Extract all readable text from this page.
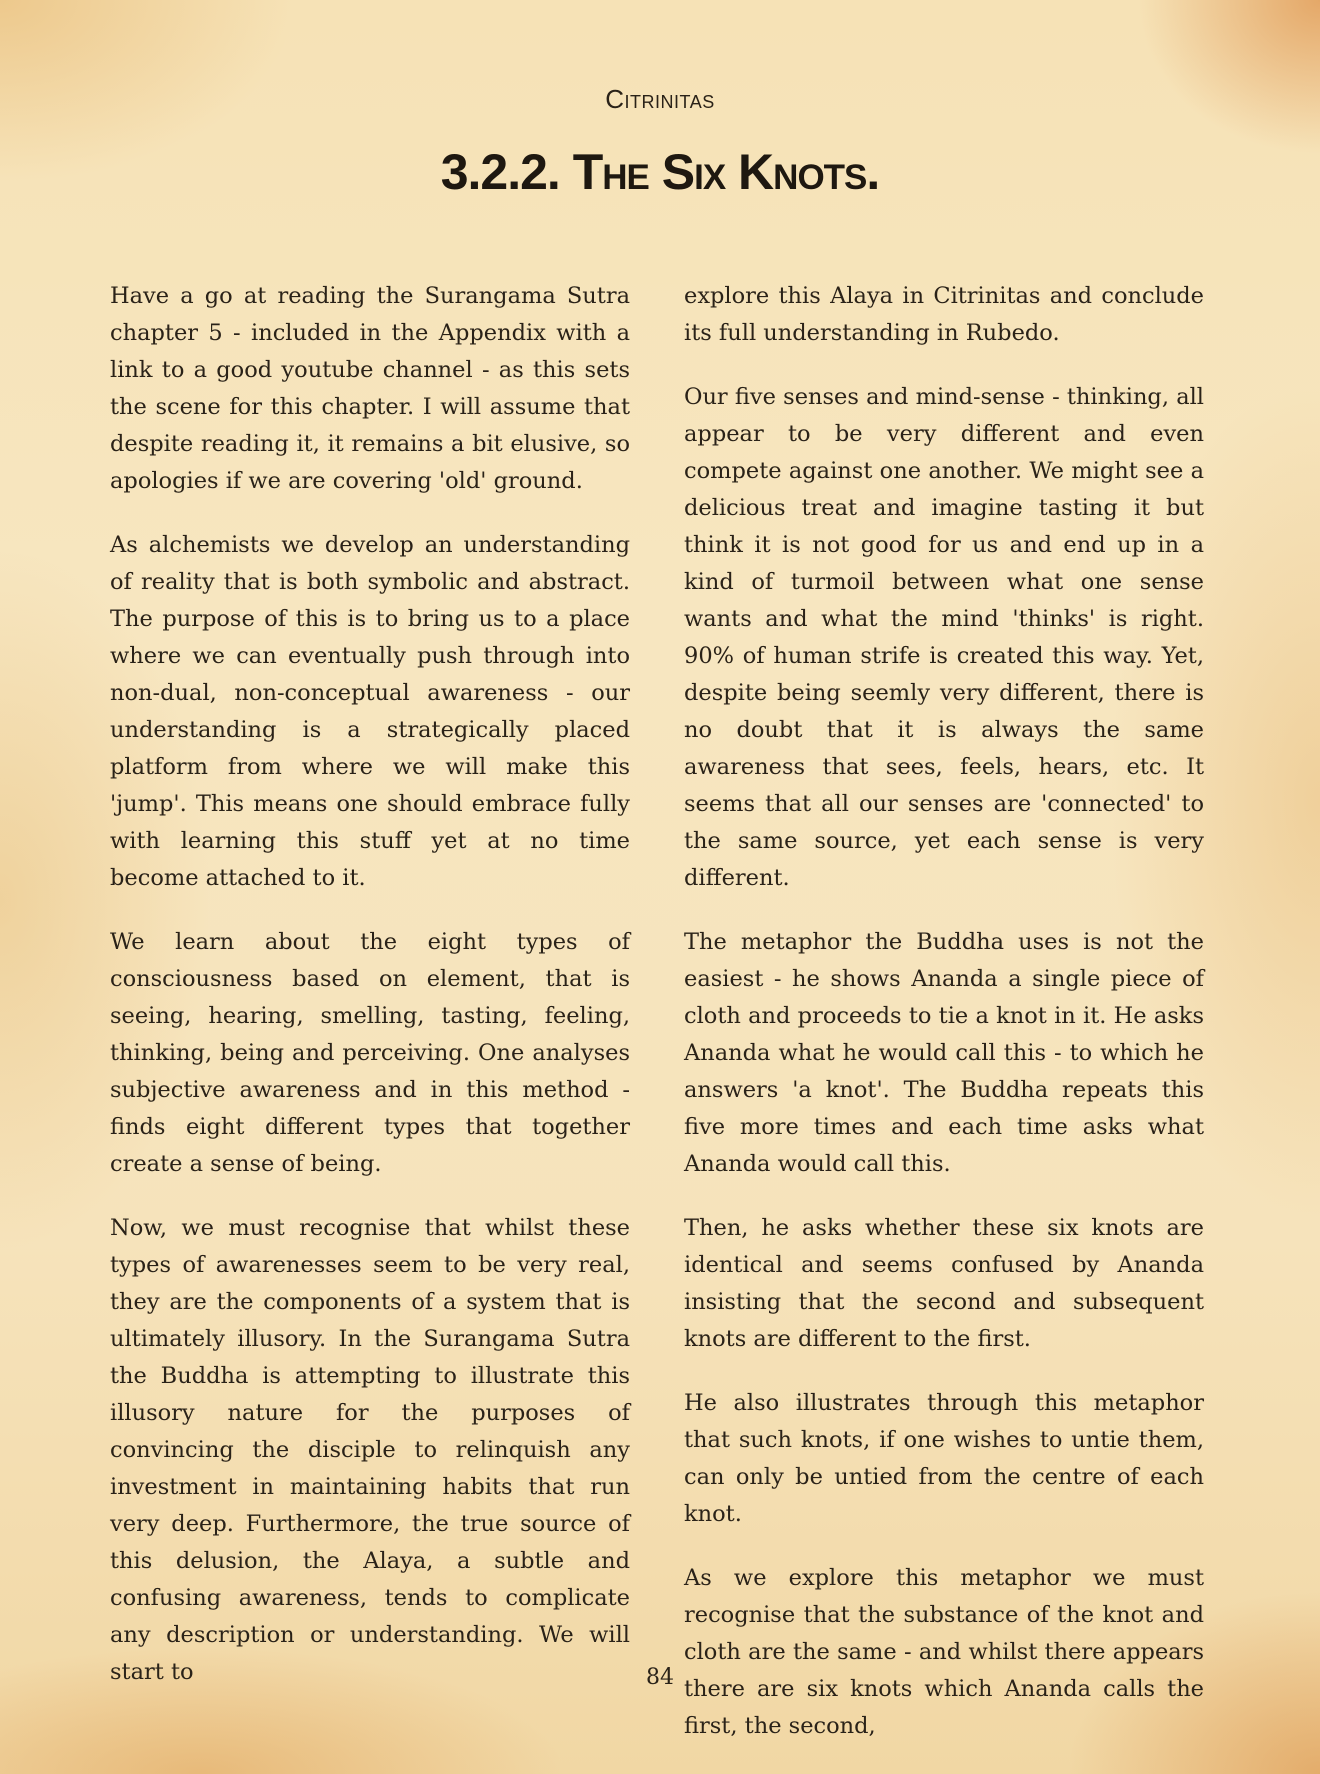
Citrinitas
3.2.2. The Six Knots.

Have a go at reading the Surangama Sutra chapter 5 - included in the Appendix with a link to a good youtube channel - as this sets the scene for this chapter. I will assume that despite reading it, it remains a bit elusive, so apologies if we are covering 'old' ground.

As alchemists we develop an understanding of reality that is both symbolic and abstract. The purpose of this is to bring us to a place where we can eventually push through into non-dual, non-conceptual awareness - our understanding is a strategically placed platform from where we will make this 'jump'. This means one should embrace fully with learning this stuff yet at no time become attached to it.

We learn about the eight types of consciousness based on element, that is seeing, hearing, smelling, tasting, feeling, thinking, being and perceiving. One analyses subjective awareness and in this method - finds eight different types that together create a sense of being.

Now, we must recognise that whilst these types of awarenesses seem to be very real, they are the components of a system that is ultimately illusory. In the Surangama Sutra the Buddha is attempting to illustrate this illusory nature for the purposes of convincing the disciple to relinquish any investment in maintaining habits that run very deep. Furthermore, the true source of this delusion, the Alaya, a subtle and confusing awareness, tends to complicate any description or understanding. We will start to

explore this Alaya in Citrinitas and conclude its full understanding in Rubedo.

Our five senses and mind-sense - thinking, all appear to be very different and even compete against one another. We might see a delicious treat and imagine tasting it but think it is not good for us and end up in a kind of turmoil between what one sense wants and what the mind 'thinks' is right. 90% of human strife is created this way. Yet, despite being seemly very different, there is no doubt that it is always the same awareness that sees, feels, hears, etc. It seems that all our senses are 'connected' to the same source, yet each sense is very different.

The metaphor the Buddha uses is not the easiest - he shows Ananda a single piece of cloth and proceeds to tie a knot in it. He asks Ananda what he would call this - to which he answers 'a knot'. The Buddha repeats this five more times and each time asks what Ananda would call this.

Then, he asks whether these six knots are identical and seems confused by Ananda insisting that the second and subsequent knots are different to the first.

He also illustrates through this metaphor that such knots, if one wishes to untie them, can only be untied from the centre of each knot.

As we explore this metaphor we must recognise that the substance of the knot and cloth are the same - and whilst there appears there are six knots which Ananda calls the first, the second,

84
